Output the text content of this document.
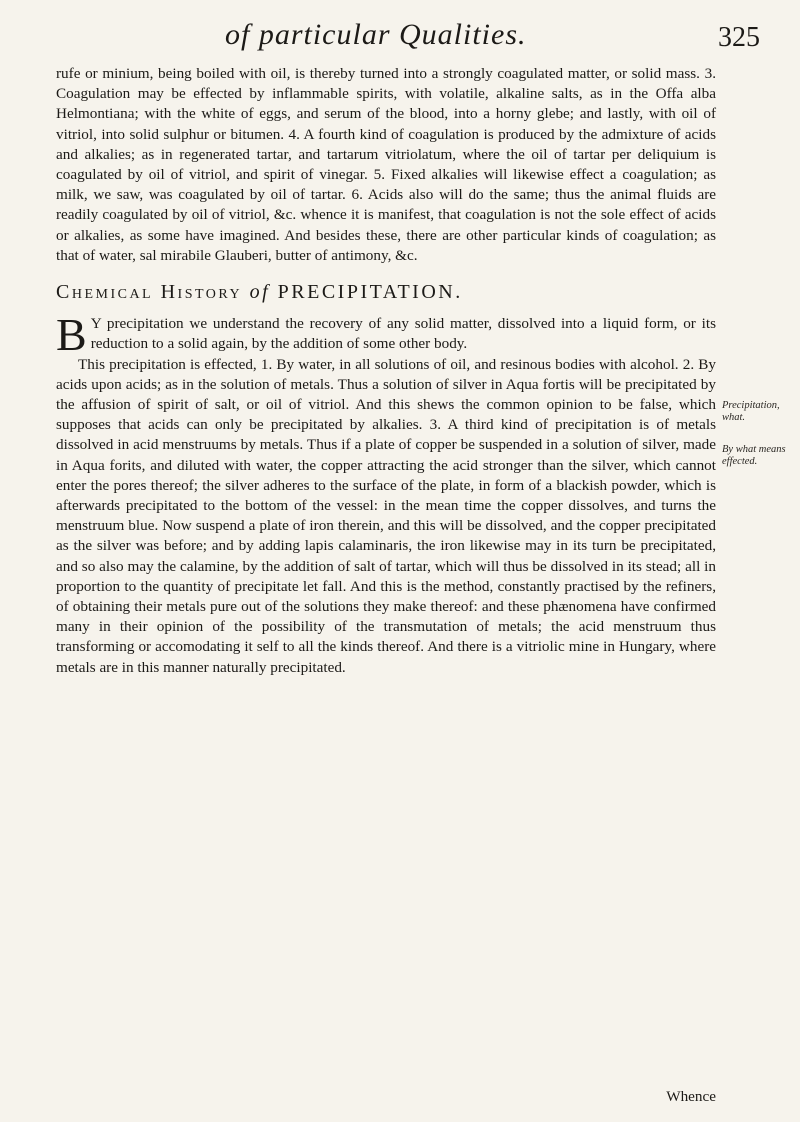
of particular Qualities.	325

rufe or minium, being boiled with oil, is thereby turned into a strongly coagulated matter, or solid mass. 3. Coagulation may be effected by inflammable spirits, with volatile, alkaline salts, as in the Offa alba Helmontiana; with the white of eggs, and serum of the blood, into a horny glebe; and lastly, with oil of vitriol, into solid sulphur or bitumen. 4. A fourth kind of coagulation is produced by the admixture of acids and alkalies; as in regenerated tartar, and tartarum vitriolatum, where the oil of tartar per deliquium is coagulated by oil of vitriol, and spirit of vinegar. 5. Fixed alkalies will likewise effect a coagulation; as milk, we saw, was coagulated by oil of tartar. 6. Acids also will do the same; thus the animal fluids are readily coagulated by oil of vitriol, &c. whence it is manifest, that coagulation is not the sole effect of acids or alkalies, as some have imagined. And besides these, there are other particular kinds of coagulation; as that of water, sal mirabile Glauberi, butter of antimony, &c.

Chemical History of PRECIPITATION.

B Y precipitation we understand the recovery of any solid matter, dissolved into a liquid form, or its reduction to a solid again, by the addition of some other body.

This precipitation is effected, 1. By water, in all solutions of oil, and resinous bodies with alcohol. 2. By acids upon acids; as in the solution of metals. Thus a solution of silver in Aqua fortis will be precipitated by the affusion of spirit of salt, or oil of vitriol. And this shews the common opinion to be false, which supposes that acids can only be precipitated by alkalies. 3. A third kind of precipitation is of metals dissolved in acid menstruums by metals. Thus if a plate of copper be suspended in a solution of silver, made in Aqua forits, and diluted with water, the copper attracting the acid stronger than the silver, which cannot enter the pores thereof; the silver adheres to the surface of the plate, in form of a blackish powder, which is afterwards precipitated to the bottom of the vessel: in the mean time the copper dissolves, and turns the menstruum blue. Now suspend a plate of iron therein, and this will be dissolved, and the copper precipitated as the silver was before; and by adding lapis calaminaris, the iron likewise may in its turn be precipitated, and so also may the calamine, by the addition of salt of tartar, which will thus be dissolved in its stead; all in proportion to the quantity of precipitate let fall. And this is the method, constantly practised by the refiners, of obtaining their metals pure out of the solutions they make thereof: and these phænomena have confirmed many in their opinion of the possibility of the transmutation of metals; the acid menstruum thus transforming or accomodating it self to all the kinds thereof. And there is a vitriolic mine in Hungary, where metals are in this manner naturally precipitated.

Precipitation, what.
By what means effected.
Whence
